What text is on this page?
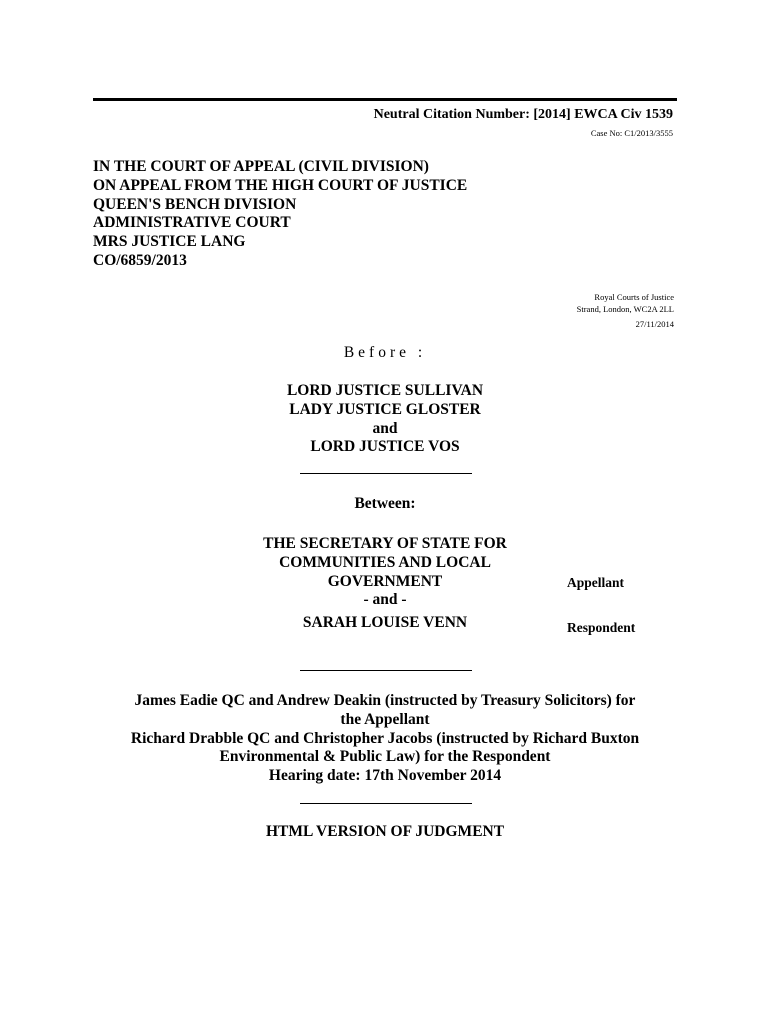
Neutral Citation Number: [2014] EWCA Civ 1539
Case No: C1/2013/3555
IN THE COURT OF APPEAL (CIVIL DIVISION)
ON APPEAL FROM THE HIGH COURT OF JUSTICE
QUEEN'S BENCH DIVISION
ADMINISTRATIVE COURT
MRS JUSTICE LANG
CO/6859/2013
Royal Courts of Justice
Strand, London, WC2A 2LL
27/11/2014
Before :
LORD JUSTICE SULLIVAN
LADY JUSTICE GLOSTER
and
LORD JUSTICE VOS
Between:
THE SECRETARY OF STATE FOR
COMMUNITIES AND LOCAL
GOVERNMENT
- and -
SARAH LOUISE VENN
Appellant
Respondent
James Eadie QC and Andrew Deakin (instructed by Treasury Solicitors) for
the Appellant
Richard Drabble QC and Christopher Jacobs (instructed by Richard Buxton
Environmental & Public Law) for the Respondent
Hearing date: 17th November 2014
HTML VERSION OF JUDGMENT
